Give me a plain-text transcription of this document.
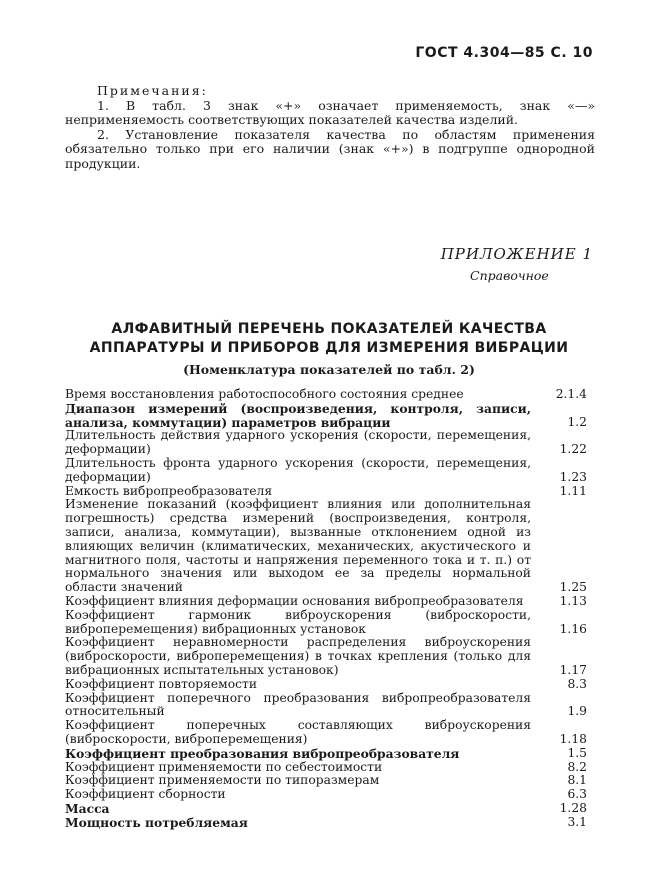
ГОСТ 4.304—85 С. 10
Примечания:

1. В табл. 3 знак «+» означает применяемость, знак «—» неприменяемость соответствующих показателей качества изделий.

2. Установление показателя качества по областям применения обязательно только при его наличии (знак «+») в подгруппе однородной продукции.

ПРИЛОЖЕНИЕ 1
Справочное
АЛФАВИТНЫЙ ПЕРЕЧЕНЬ ПОКАЗАТЕЛЕЙ КАЧЕСТВА
АППАРАТУРЫ И ПРИБОРОВ ДЛЯ ИЗМЕРЕНИЯ ВИБРАЦИИ
(Номенклатура показателей по табл. 2)
Время восстановления работоспособного состояния среднее	2.1.4
Диапазон измерений (воспроизведения, контроля, записи, анализа, коммутации) параметров вибрации	1.2
Длительность действия ударного ускорения (скорости, перемещения, деформации)	1.22
Длительность фронта ударного ускорения (скорости, перемещения, деформации)	1.23
Емкость вибропреобразователя	1.11
Изменение показаний (коэффициент влияния или дополнительная погрешность) средства измерений (воспроизведения, контроля, записи, анализа, коммутации), вызванные отклонением одной из влияющих величин (климатических, механических, акустического и магнитного поля, частоты и напряжения переменного тока и т. п.) от нормального значения или выходом ее за пределы нормальной области значений	1.25
Коэффициент влияния деформации основания вибропреобразователя	1.13
Коэффициент гармоник виброускорения (виброскорости, виброперемещения) вибрационных установок	1.16
Коэффициент неравномерности распределения виброускорения (виброскорости, виброперемещения) в точках крепления (только для вибрационных испытательных установок)	1.17
Коэффициент повторяемости	8.3
Коэффициент поперечного преобразования вибропреобразователя относительный	1.9
Коэффициент поперечных составляющих виброускорения (виброскорости, виброперемещения)	1.18
Коэффициент преобразования вибропреобразователя	1.5
Коэффициент применяемости по себестоимости	8.2
Коэффициент применяемости по типоразмерам	8.1
Коэффициент сборности	6.3
Масса	1.28
Мощность потребляемая	3.1
